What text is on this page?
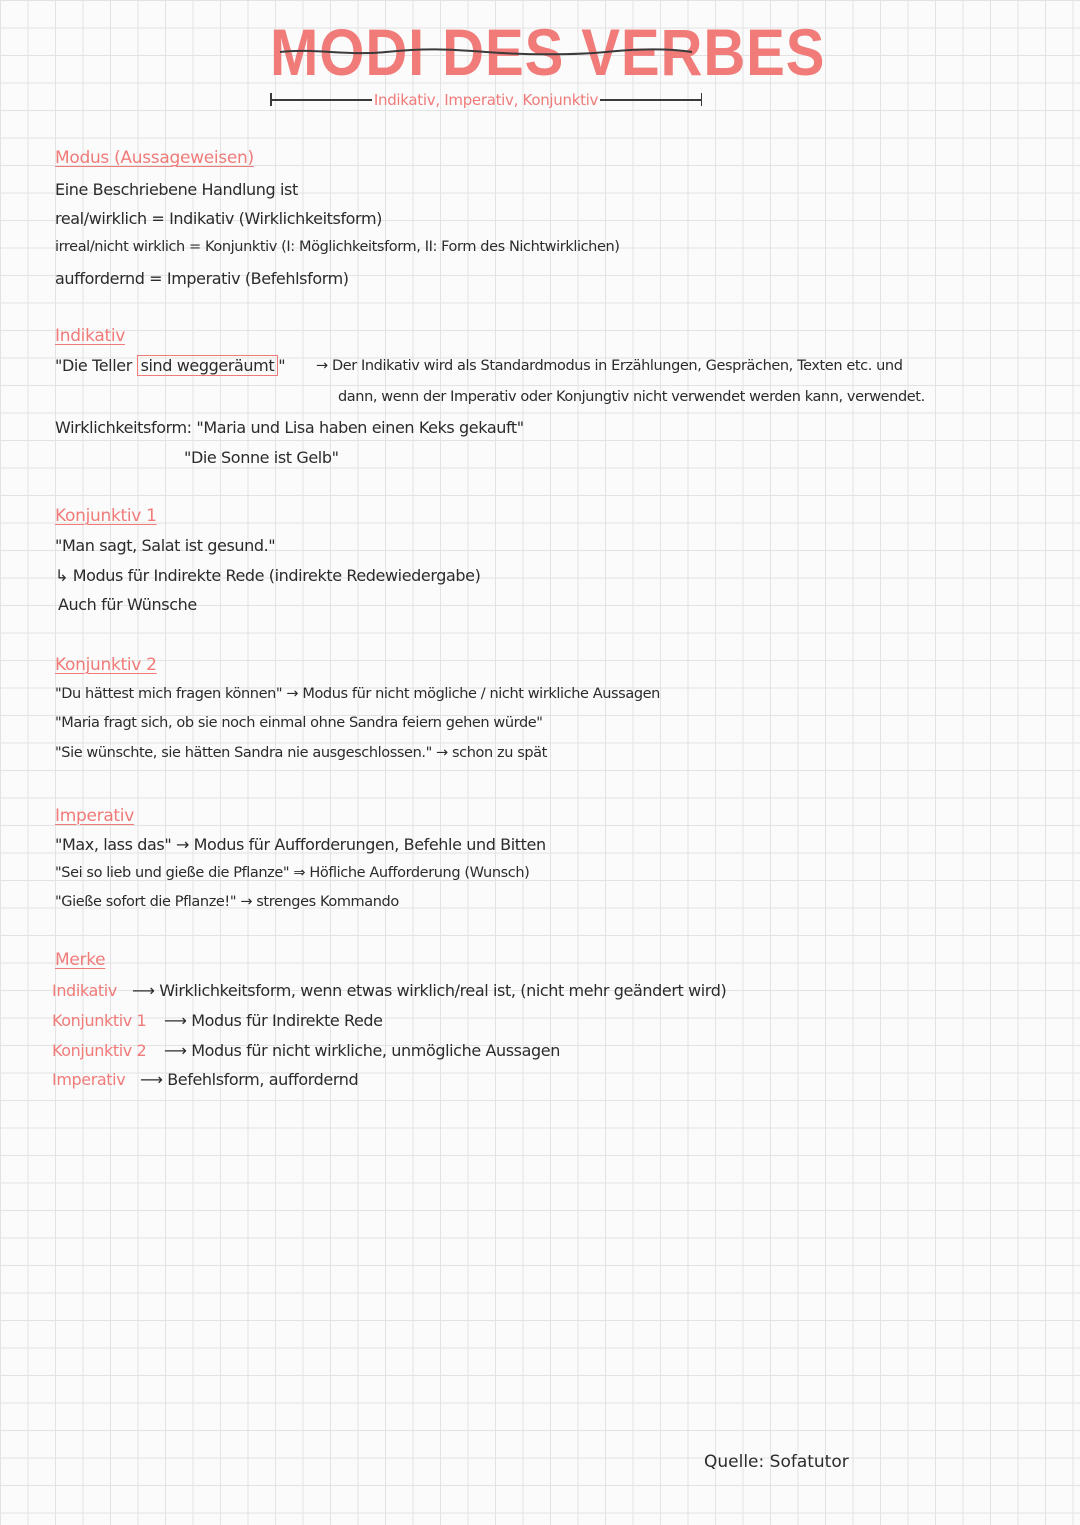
MODI DES VERBES
Indikativ, Imperativ, Konjunktiv
Modus (Aussageweisen)
Eine Beschriebene Handlung ist
real/wirklich = Indikativ (Wirklichkeitsform)
irreal/nicht wirklich = Konjunktiv (I: Möglichkeitsform, II: Form des Nichtwirklichen)
auffordernd = Imperativ (Befehlsform)
Indikativ
"Die Teller sind weggeräumt " → Der Indikativ wird als Standardmodus in Erzählungen, Gesprächen, Texten etc. und
dann, wenn der Imperativ oder Konjungtiv nicht verwendet werden kann, verwendet.
Wirklichkeitsform: "Maria und Lisa haben einen Keks gekauft"
"Die Sonne ist Gelb"
Konjunktiv 1
"Man sagt, Salat ist gesund."
↳ Modus für Indirekte Rede (indirekte Redewiedergabe)
Auch für Wünsche
Konjunktiv 2
"Du hättest mich fragen können" → Modus für nicht mögliche / nicht wirkliche Aussagen
"Maria fragt sich, ob sie noch einmal ohne Sandra feiern gehen würde"
"Sie wünschte, sie hätten Sandra nie ausgeschlossen." → schon zu spät
Imperativ
"Max, lass das" → Modus für Aufforderungen, Befehle und Bitten
"Sei so lieb und gieße die Pflanze" ⇒ Höfliche Aufforderung (Wunsch)
"Gieße sofort die Pflanze!" → strenges Kommando
Merke
Indikativ ⟶ Wirklichkeitsform, wenn etwas wirklich/real ist, (nicht mehr geändert wird)
Konjunktiv 1 ⟶ Modus für Indirekte Rede
Konjunktiv 2 ⟶ Modus für nicht wirkliche, unmögliche Aussagen
Imperativ ⟶ Befehlsform, auffordernd
Quelle: Sofatutor
